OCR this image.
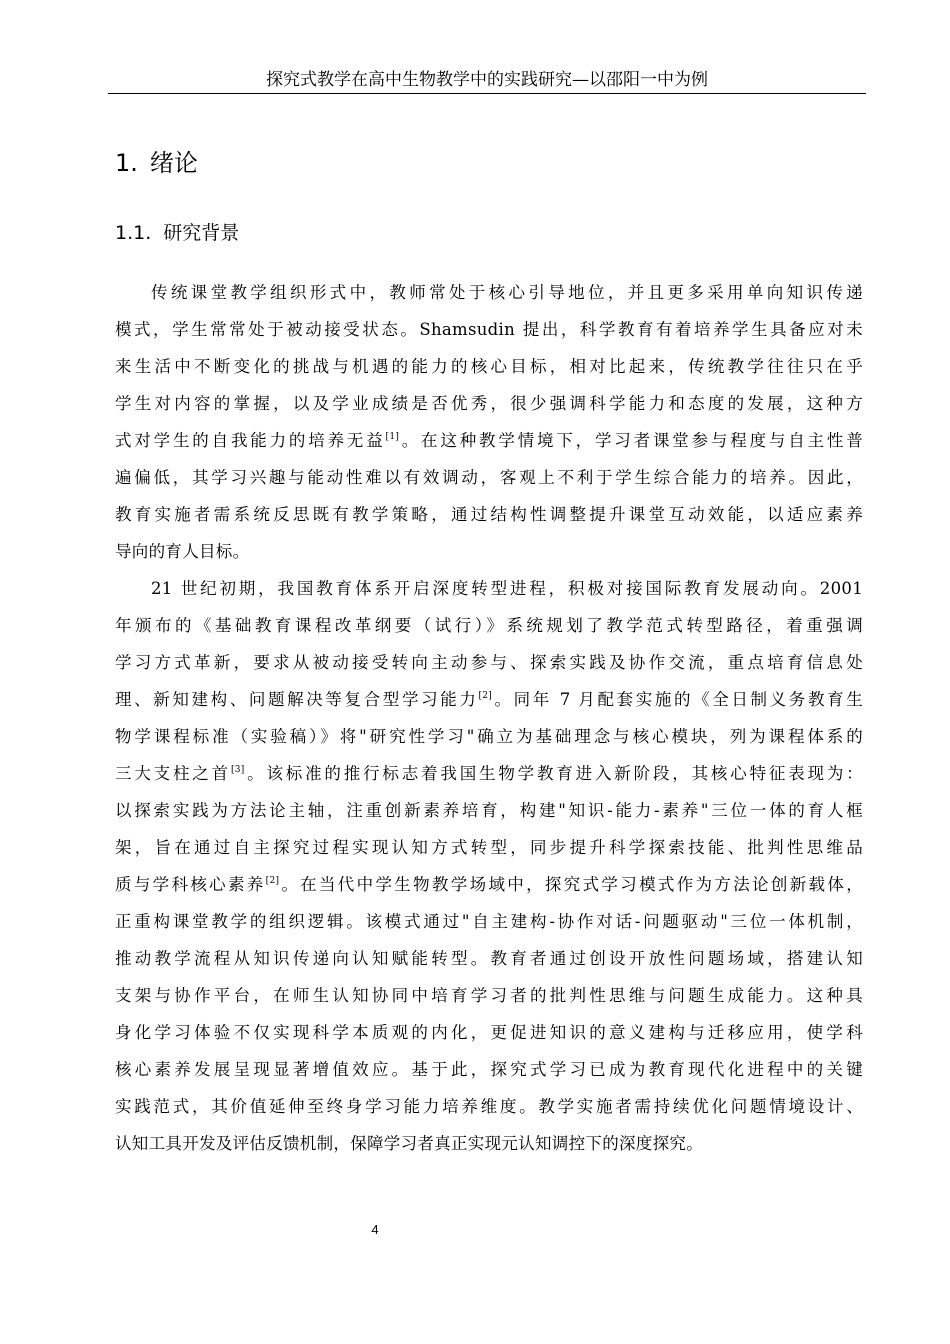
探究式教学在高中生物教学中的实践研究—以邵阳一中为例
1. 绪论
1.1. 研究背景
传统课堂教学组织形式中，教师常处于核心引导地位，并且更多采用单向知识传递
模式，学生常常处于被动接受状态。Shamsudin 提出，科学教育有着培养学生具备应对未
来生活中不断变化的挑战与机遇的能力的核心目标，相对比起来，传统教学往往只在乎
学生对内容的掌握，以及学业成绩是否优秀，很少强调科学能力和态度的发展，这种方
式对学生的自我能力的培养无益[1]。在这种教学情境下，学习者课堂参与程度与自主性普
遍偏低，其学习兴趣与能动性难以有效调动，客观上不利于学生综合能力的培养。因此，
教育实施者需系统反思既有教学策略，通过结构性调整提升课堂互动效能，以适应素养
导向的育人目标。
21 世纪初期，我国教育体系开启深度转型进程，积极对接国际教育发展动向。2001
年颁布的《基础教育课程改革纲要（试行）》系统规划了教学范式转型路径，着重强调
学习方式革新，要求从被动接受转向主动参与、探索实践及协作交流，重点培育信息处
理、新知建构、问题解决等复合型学习能力[2]。同年 7 月配套实施的《全日制义务教育生
物学课程标准（实验稿）》将"研究性学习"确立为基础理念与核心模块，列为课程体系的
三大支柱之首[3]。该标准的推行标志着我国生物学教育进入新阶段，其核心特征表现为：
以探索实践为方法论主轴，注重创新素养培育，构建"知识-能力-素养"三位一体的育人框
架，旨在通过自主探究过程实现认知方式转型，同步提升科学探索技能、批判性思维品
质与学科核心素养[2]。在当代中学生物教学场域中，探究式学习模式作为方法论创新载体，
正重构课堂教学的组织逻辑。该模式通过"自主建构-协作对话-问题驱动"三位一体机制，
推动教学流程从知识传递向认知赋能转型。教育者通过创设开放性问题场域，搭建认知
支架与协作平台，在师生认知协同中培育学习者的批判性思维与问题生成能力。这种具
身化学习体验不仅实现科学本质观的内化，更促进知识的意义建构与迁移应用，使学科
核心素养发展呈现显著增值效应。基于此，探究式学习已成为教育现代化进程中的关键
实践范式，其价值延伸至终身学习能力培养维度。教学实施者需持续优化问题情境设计、
认知工具开发及评估反馈机制，保障学习者真正实现元认知调控下的深度探究。
4
